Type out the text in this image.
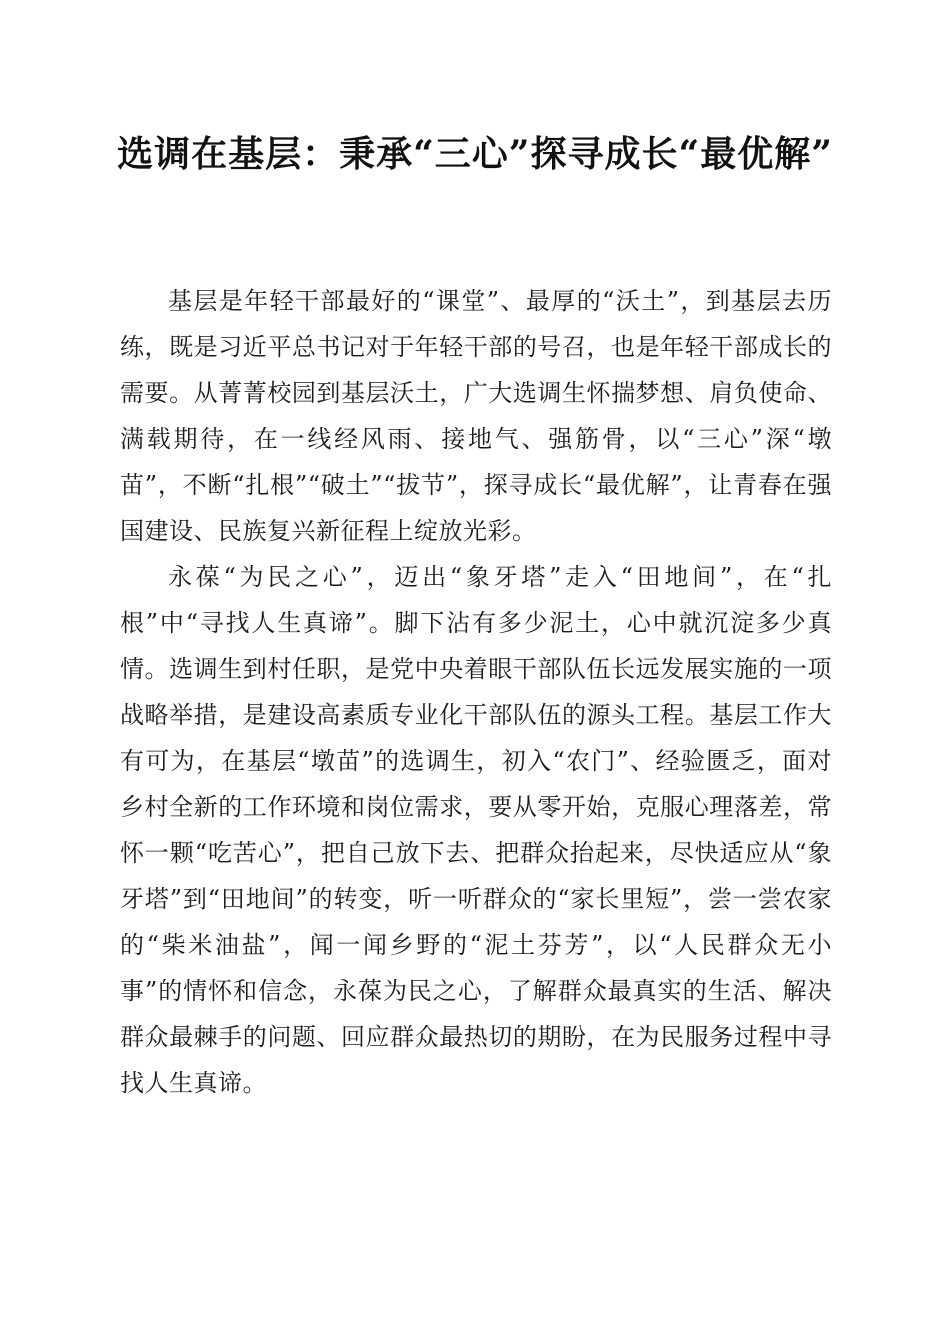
选调在基层：秉承“三心”探寻成长“最优解”

基层是年轻干部最好的“课堂”、最厚的“沃土”，到基层去历练，既是习近平总书记对于年轻干部的号召，也是年轻干部成长的需要。从菁菁校园到基层沃土，广大选调生怀揣梦想、肩负使命、满载期待，在一线经风雨、接地气、强筋骨，以“三心”深“墩苗”，不断“扎根”“破土”“拔节”，探寻成长“最优解”，让青春在强国建设、民族复兴新征程上绽放光彩。

永葆“为民之心”，迈出“象牙塔”走入“田地间”，在“扎根”中“寻找人生真谛”。脚下沾有多少泥土，心中就沉淀多少真情。选调生到村任职，是党中央着眼干部队伍长远发展实施的一项战略举措，是建设高素质专业化干部队伍的源头工程。基层工作大有可为，在基层“墩苗”的选调生，初入“农门”、经验匮乏，面对乡村全新的工作环境和岗位需求，要从零开始，克服心理落差，常怀一颗“吃苦心”，把自己放下去、把群众抬起来，尽快适应从“象牙塔”到“田地间”的转变，听一听群众的“家长里短”，尝一尝农家的“柴米油盐”，闻一闻乡野的“泥土芬芳”，以“人民群众无小事”的情怀和信念，永葆为民之心，了解群众最真实的生活、解决群众最棘手的问题、回应群众最热切的期盼，在为民服务过程中寻找人生真谛。
